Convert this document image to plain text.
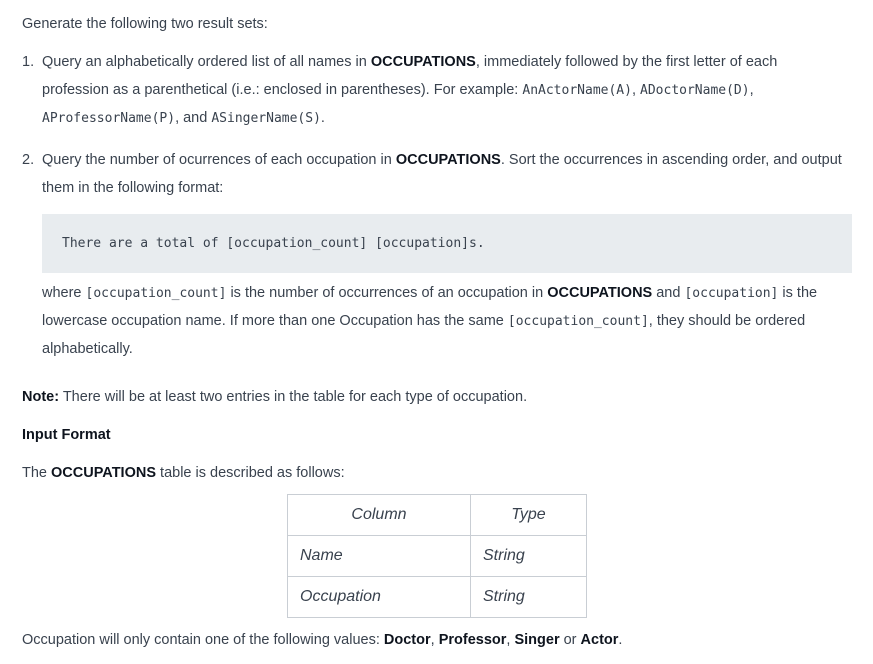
Generate the following two result sets:
1. Query an alphabetically ordered list of all names in OCCUPATIONS, immediately followed by the first letter of each
profession as a parenthetical (i.e.: enclosed in parentheses). For example: AnActorName(A), ADoctorName(D),
AProfessorName(P), and ASingerName(S).
2. Query the number of ocurrences of each occupation in OCCUPATIONS. Sort the occurrences in ascending order, and output
them in the following format:
There are a total of [occupation_count] [occupation]s.
where [occupation_count] is the number of occurrences of an occupation in OCCUPATIONS and [occupation] is the
lowercase occupation name. If more than one Occupation has the same [occupation_count], they should be ordered
alphabetically.
Note: There will be at least two entries in the table for each type of occupation.
Input Format
The OCCUPATIONS table is described as follows:
Column	Type
Name	String
Occupation	String
Occupation will only contain one of the following values: Doctor, Professor, Singer or Actor.
